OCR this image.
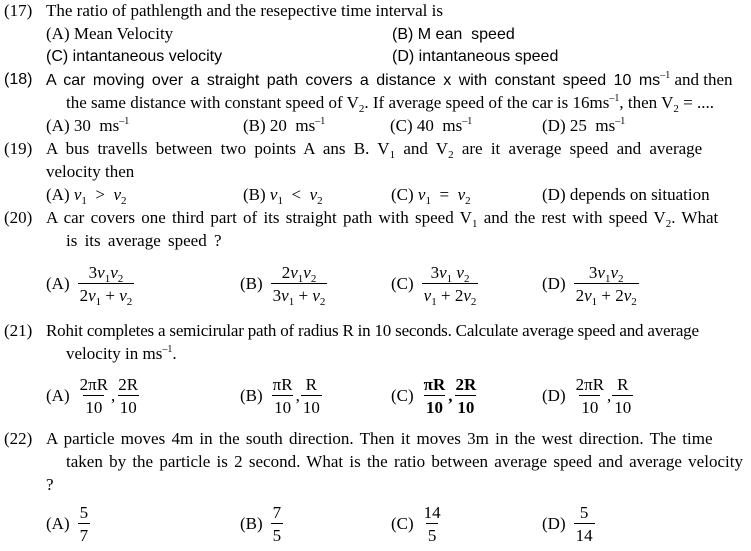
(17) The ratio of pathlength and the resepective time interval is
(A) Mean Velocity	(B) M ean  speed
(C) intantaneous velocity	(D) intantaneous speed
(18) A car moving over a straight path covers a distance x with constant speed 10 $ms^{-1}$ and then
the same distance with constant speed of $V_2$. If average speed of the car is $16ms^{-1}$, then $V_2$ = ....
(A) 30 $ms^{-1}$	(B) 20 $ms^{-1}$	(C) 40 $ms^{-1}$	(D) 25 $ms^{-1}$
(19) A bus travells between two points A ans B. $V_1$ and $V_2$ are it average speed and average
velocity then
(A) $v_1 > v_2$	(B) $v_1 < v_2$	(C) $v_1 = v_2$	(D) depends on situation
(20) A car covers one third part of its straight path with speed $V_1$ and the rest with speed $V_2$. What
is its average speed ?
$(A) \frac{3v_1v_2}{2v_1 + v_2}$	$(B) \frac{2v_1v_2}{3v_1 + v_2}$	$(C) \frac{3v_1 v_2}{v_1 + 2v_2}$	$(D) \frac{3v_1v_2}{2v_1 + 2v_2}$
(21) Rohit completes a semicirular path of radius R in 10 seconds. Calculate average speed and average
velocity in $ms^{-1}$.
$(A) \frac{2\pi R}{10}$ , $\frac{2R}{10}$	$(B) \frac{\pi R}{10}$ , $\frac{R}{10}$	$(C) \frac{\pi R}{10}$ , $\frac{2R}{10}$	$(D) \frac{2\pi R}{10}$ , $\frac{R}{10}$
(22) A particle moves 4m in the south direction. Then it moves 3m in the west direction. The time
taken by the particle is 2 second. What is the ratio between average speed and average velocity
?
$(A) \frac{5}{7}$	$(B) \frac{7}{5}$	$(C) \frac{14}{5}$	$(D) \frac{5}{14}$
